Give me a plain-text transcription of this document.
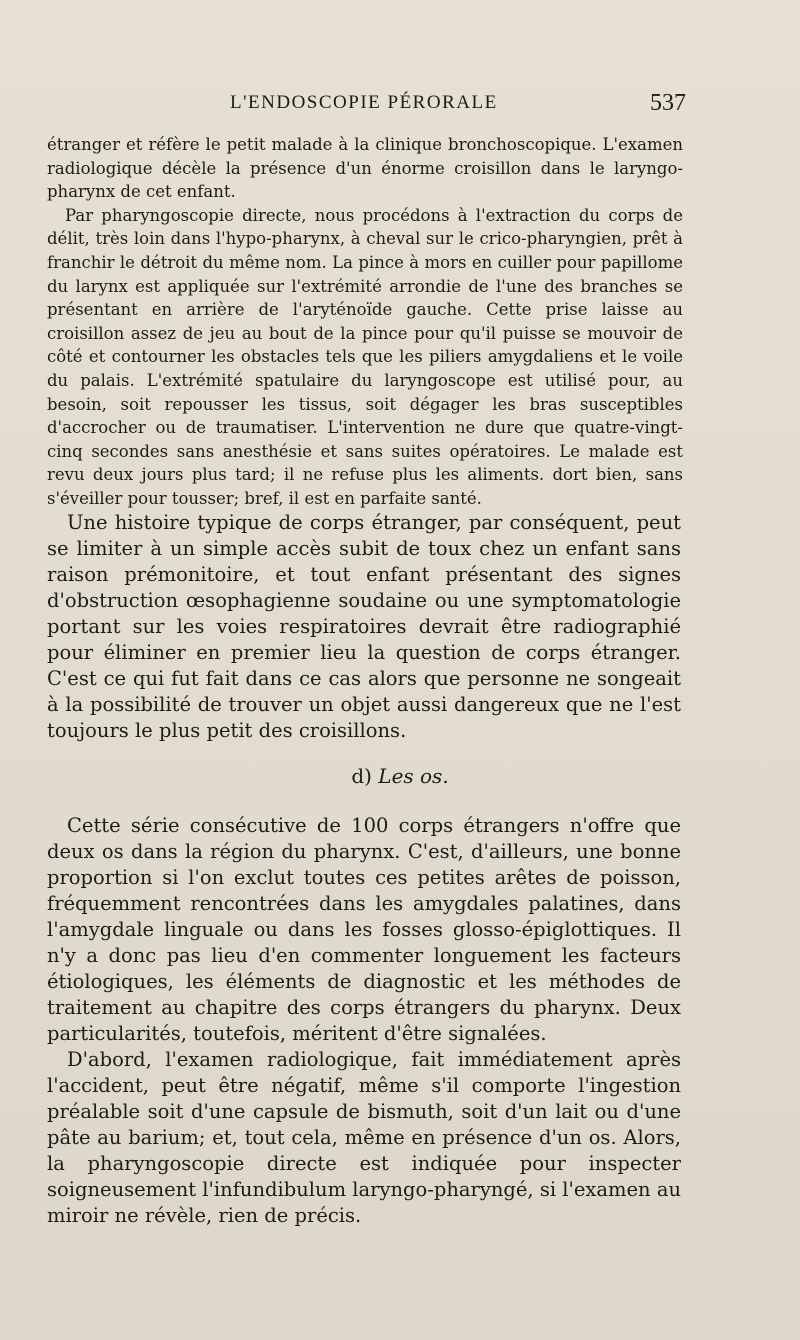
L'ENDOSCOPIE PÉRORALE	537

étranger et réfère le petit malade à la clinique bronchoscopique. L'examen radiologique décèle la présence d'un énorme croisillon dans le laryngo-pharynx de cet enfant.

Par pharyngoscopie directe, nous procédons à l'extraction du corps de délit, très loin dans l'hypo-pharynx, à cheval sur le crico-pharyngien, prêt à franchir le détroit du même nom. La pince à mors en cuiller pour papillome du larynx est appliquée sur l'extrémité arrondie de l'une des branches se présentant en arrière de l'aryténoïde gauche. Cette prise laisse au croisillon assez de jeu au bout de la pince pour qu'il puisse se mouvoir de côté et contourner les obstacles tels que les piliers amygdaliens et le voile du palais. L'extrémité spatulaire du laryngoscope est utilisé pour, au besoin, soit repousser les tissus, soit dégager les bras susceptibles d'accrocher ou de traumatiser. L'intervention ne dure que quatre-vingt-cinq secondes sans anesthésie et sans suites opératoires. Le malade est revu deux jours plus tard; il ne refuse plus les aliments. dort bien, sans s'éveiller pour tousser; bref, il est en parfaite santé.

Une histoire typique de corps étranger, par conséquent, peut se limiter à un simple accès subit de toux chez un enfant sans raison prémonitoire, et tout enfant présentant des signes d'obstruction œsophagienne soudaine ou une symptomatologie portant sur les voies respiratoires devrait être radiographié pour éliminer en premier lieu la question de corps étranger. C'est ce qui fut fait dans ce cas alors que personne ne songeait à la possibilité de trouver un objet aussi dangereux que ne l'est toujours le plus petit des croisillons.

d) Les os.

Cette série consécutive de 100 corps étrangers n'offre que deux os dans la région du pharynx. C'est, d'ailleurs, une bonne proportion si l'on exclut toutes ces petites arêtes de poisson, fréquemment rencontrées dans les amygdales palatines, dans l'amygdale linguale ou dans les fosses glosso-épiglottiques. Il n'y a donc pas lieu d'en commenter longuement les facteurs étiologiques, les éléments de diagnostic et les méthodes de traitement au chapitre des corps étrangers du pharynx. Deux particularités, toutefois, méritent d'être signalées.

D'abord, l'examen radiologique, fait immédiatement après l'accident, peut être négatif, même s'il comporte l'ingestion préalable soit d'une capsule de bismuth, soit d'un lait ou d'une pâte au barium; et, tout cela, même en présence d'un os. Alors, la pharyngoscopie directe est indiquée pour inspecter soigneusement l'infundibulum laryngo-pharyngé, si l'examen au miroir ne révèle, rien de précis.
